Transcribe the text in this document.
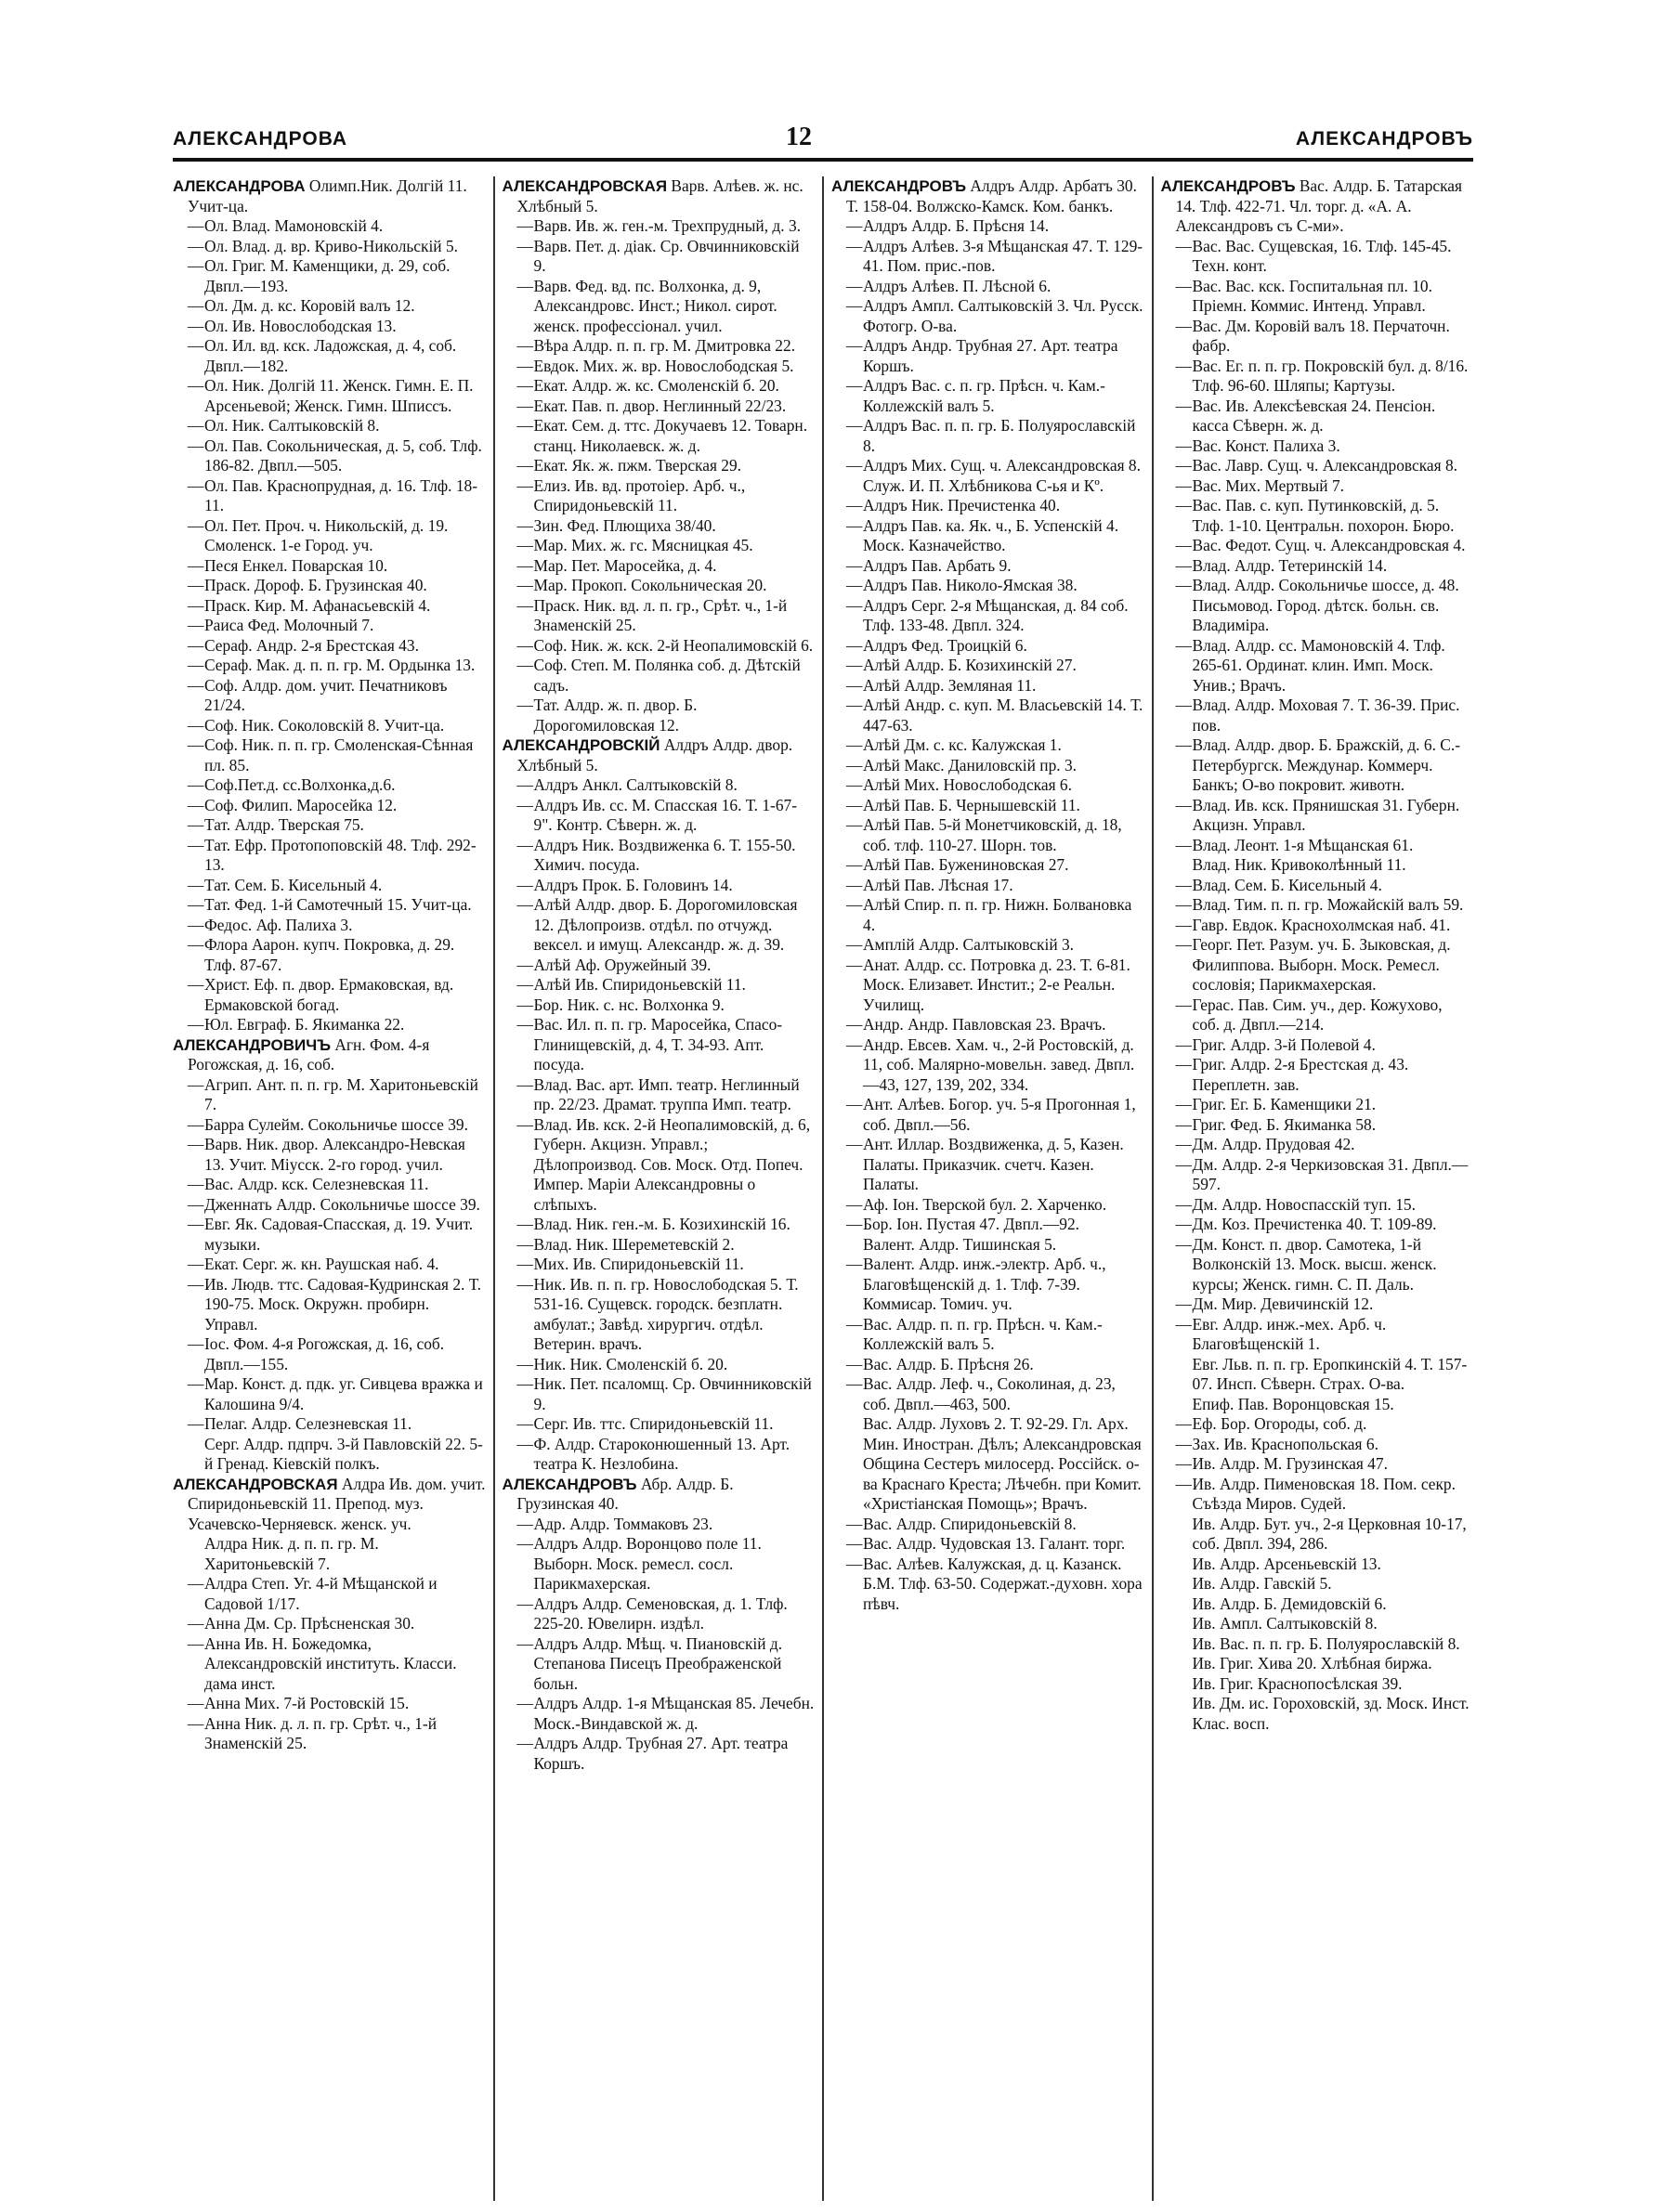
АЛЕКСАНДРОВА	12	АЛЕКСАНДРОВЪ

АЛЕКСАНДРОВА Олимп.Ник. Долгій 11. Учит-ца.

—Ол. Влад. Мамоновскій 4.

—Ол. Влад. д. вр. Криво-Никольскій 5.

—Ол. Григ. М. Каменщики, д. 29, соб. Двпл.—193.

—Ол. Дм. д. кс. Коровій валъ 12.

—Ол. Ив. Новослободская 13.

—Ол. Ил. вд. кск. Ладожская, д. 4, соб. Двпл.—182.

—Ол. Ник. Долгій 11. Женск. Гимн. Е. П. Арсеньевой; Женск. Гимн. Шписсъ.

—Ол. Ник. Салтыковскій 8.

—Ол. Пав. Сокольническая, д. 5, соб. Тлф. 186-82. Двпл.—505.

—Ол. Пав. Краснопрудная, д. 16. Тлф. 18-11.

—Ол. Пет. Проч. ч. Никольскій, д. 19. Смоленск. 1-е Город. уч.

—Песя Енкел. Поварская 10.

—Праск. Дороф. Б. Грузинская 40.

—Праск. Кир. М. Афанасьевскій 4.

—Раиса Фед. Молочный 7.

—Сераф. Андр. 2-я Брестская 43.

—Сераф. Мак. д. п. п. гр. М. Ордынка 13.

—Соф. Алдр. дом. учит. Печатниковъ 21/24.

—Соф. Ник. Соколовскій 8. Учит-ца.

—Соф. Ник. п. п. гр. Смоленская-Сѣнная пл. 85.

—Соф.Пет.д. сс.Волхонка,д.6.

—Соф. Филип. Маросейка 12.

—Тат. Алдр. Тверская 75.

—Тат. Ефр. Протопоповскій 48. Тлф. 292-13.

—Тат. Сем. Б. Кисельный 4.

—Тат. Фед. 1-й Самотечный 15. Учит-ца.

—Федос. Аф. Палиха 3.

—Флора Аарон. купч. Покровка, д. 29. Тлф. 87-67.

—Христ. Еф. п. двор. Ермаковская, вд. Ермаковской богад.

—Юл. Евграф. Б. Якиманка 22.

АЛЕКСАНДРОВИЧЪ Агн. Фом. 4-я Рогожская, д. 16, соб.

—Агрип. Ант. п. п. гр. М. Харитоньевскій 7.

—Барра Сулейм. Сокольничье шоссе 39.

—Варв. Ник. двор. Александро-Невская 13. Учит. Міусск. 2-го город. учил.

—Вас. Алдр. кск. Селезневская 11.

—Дженнать Алдр. Сокольничье шоссе 39.

—Евг. Як. Садовая-Спасская, д. 19. Учит. музыки.

—Екат. Серг. ж. кн. Раушская наб. 4.

—Ив. Людв. ттс. Садовая-Кудринская 2. Т. 190-75. Моск. Окружн. пробирн. Управл.

—Іос. Фом. 4-я Рогожская, д. 16, соб. Двпл.—155.

—Мар. Конст. д. пдк. уг. Сивцева вражка и Калошина 9/4.

—Пелаг. Алдр. Селезневская 11.

Серг. Алдр. пдпрч. 3-й Павловскій 22. 5-й Гренад. Кіевскій полкъ.

АЛЕКСАНДРОВСКАЯ Алдра Ив. дом. учит. Спиридоньевскій 11. Препод. муз. Усачевско-Черняевск. женск. уч.

Алдра Ник. д. п. п. гр. М. Харитоньевскій 7.

—Алдра Степ. Уг. 4-й Мѣщанской и Садовой 1/17.

—Анна Дм. Ср. Прѣсненская 30.

—Анна Ив. Н. Божедомка, Александровскій институть. Класси. дама инст.

—Анна Мих. 7-й Ростовскій 15.

—Анна Ник. д. л. п. гр. Срѣт. ч., 1-й Знаменскій 25.

АЛЕКСАНДРОВСКАЯ Варв. Алѣев. ж. нс. Хлѣбный 5.

—Варв. Ив. ж. ген.-м. Трехпрудный, д. 3.

—Варв. Пет. д. діак. Ср. Овчинниковскій 9.

—Варв. Фед. вд. пс. Волхонка, д. 9, Александровс. Инст.; Никол. сирот. женск. профессіонал. учил.

—Вѣра Алдр. п. п. гр. М. Дмитровка 22.

—Евдок. Мих. ж. вр. Новослободская 5.

—Екат. Алдр. ж. кс. Смоленскій б. 20.

—Екат. Пав. п. двор. Неглинный 22/23.

—Екат. Сем. д. ттс. Докучаевъ 12. Товарн. станц. Николаевск. ж. д.

—Екат. Як. ж. пжм. Тверская 29.

—Елиз. Ив. вд. протоіер. Арб. ч., Спиридоньевскій 11.

—Зин. Фед. Плющиха 38/40.

—Мар. Мих. ж. гс. Мясницкая 45.

—Мар. Пет. Маросейка, д. 4.

—Мар. Прокоп. Сокольническая 20.

—Праск. Ник. вд. л. п. гр., Срѣт. ч., 1-й Знаменскій 25.

—Соф. Ник. ж. кск. 2-й Неопалимовскій 6.

—Соф. Степ. М. Полянка соб. д. Дѣтскій садъ.

—Тат. Алдр. ж. п. двор. Б. Дорогомиловская 12.

АЛЕКСАНДРОВСКІЙ Алдръ Алдр. двор. Хлѣбный 5.

—Алдръ Анкл. Салтыковскій 8.

—Алдръ Ив. сс. М. Спасская 16. Т. 1-67-9". Контр. Сѣверн. ж. д.

—Алдръ Ник. Воздвиженка 6. Т. 155-50. Химич. посуда.

—Алдръ Прок. Б. Головинъ 14.

—Алѣй Алдр. двор. Б. Дорогомиловская 12. Дѣлопроизв. отдѣл. по отчужд. вексел. и имущ. Александр. ж. д. 39.

—Алѣй Аф. Оружейный 39.

—Алѣй Ив. Спиридоньевскій 11.

—Бор. Ник. с. нс. Волхонка 9.

—Вас. Ил. п. п. гр. Маросейка, Спасо-Глинищевскій, д. 4, Т. 34-93. Апт. посуда.

—Влад. Вас. арт. Имп. театр. Неглинный пр. 22/23. Драмат. труппа Имп. театр.

—Влад. Ив. кск. 2-й Неопалимовскій, д. 6, Губерн. Акцизн. Управл.; Дѣлопроизвод. Сов. Моск. Отд. Попеч. Импер. Маріи Александровны о слѣпыхъ.

—Влад. Ник. ген.-м. Б. Козихинскій 16.

—Влад. Ник. Шереметевскій 2.

—Мих. Ив. Спиридоньевскій 11.

—Ник. Ив. п. п. гр. Новослободская 5. Т. 531-16. Сущевск. городск. безплатн. амбулат.; Завѣд. хирургич. отдѣл. Ветерин. врачъ.

—Ник. Ник. Смоленскій б. 20.

—Ник. Пет. псаломщ. Ср. Овчинниковскій 9.

—Серг. Ив. ттс. Спиридоньевскій 11.

—Ф. Алдр. Староконюшенный 13. Арт. театра К. Незлобина.

АЛЕКСАНДРОВЪ Абр. Алдр. Б. Грузинская 40.

—Адр. Алдр. Томмаковъ 23.

—Алдръ Алдр. Воронцово поле 11. Выборн. Моск. ремесл. сосл. Парикмахерская.

—Алдръ Алдр. Семеновская, д. 1. Тлф. 225-20. Ювелирн. издѣл.

—Алдръ Алдр. Мѣщ. ч. Пиановскій д. Степанова Писецъ Преображенской больн.

—Алдръ Алдр. 1-я Мѣщанская 85. Лечебн. Моск.-Виндавской ж. д.

—Алдръ Алдр. Трубная 27. Арт. театра Коршъ.

АЛЕКСАНДРОВЪ Алдръ Алдр. Арбатъ 30. Т. 158-04. Волжско-Камск. Ком. банкъ.

—Алдръ Алдр. Б. Прѣсня 14.

—Алдръ Алѣев. 3-я Мѣщанская 47. Т. 129-41. Пом. прис.-пов.

—Алдръ Алѣев. П. Лѣсной 6.

—Алдръ Ампл. Салтыковскій 3. Чл. Русск. Фотогр. О-ва.

—Алдръ Андр. Трубная 27. Арт. театра Коршъ.

—Алдръ Вас. с. п. гр. Прѣсн. ч. Кам.-Коллежскій валъ 5.

—Алдръ Вас. п. п. гр. Б. Полуярославскій 8.

—Алдръ Мих. Сущ. ч. Александровская 8. Служ. И. П. Хлѣбникова С-ья и Кº.

—Алдръ Ник. Пречистенка 40.

—Алдръ Пав. ка. Як. ч., Б. Успенскій 4. Моск. Казначейство.

—Алдръ Пав. Арбать 9.

—Алдръ Пав. Николо-Ямская 38.

—Алдръ Серг. 2-я Мѣщанская, д. 84 соб. Тлф. 133-48. Двпл. 324.

—Алдръ Фед. Троицкій 6.

—Алѣй Алдр. Б. Козихинскій 27.

—Алѣй Алдр. Земляная 11.

—Алѣй Андр. с. куп. М. Власьевскій 14. Т. 447-63.

—Алѣй Дм. с. кс. Калужская 1.

—Алѣй Макс. Даниловскій пр. 3.

—Алѣй Мих. Новослободская 6.

—Алѣй Пав. Б. Чернышевскій 11.

—Алѣй Пав. 5-й Монетчиковскій, д. 18, соб. тлф. 110-27. Шорн. тов.

—Алѣй Пав. Бужениновская 27.

—Алѣй Пав. Лѣсная 17.

—Алѣй Спир. п. п. гр. Нижн. Болвановка 4.

—Амплій Алдр. Салтыковскій 3.

—Анат. Алдр. сс. Потровка д. 23. Т. 6-81. Моск. Елизавет. Инстит.; 2-е Реальн. Училищ.

—Андр. Андр. Павловская 23. Врачъ.

—Андр. Евсев. Хам. ч., 2-й Ростовскій, д. 11, соб. Малярно-мовельн. завед. Двпл.—43, 127, 139, 202, 334.

—Ант. Алѣев. Богор. уч. 5-я Прогонная 1, соб. Двпл.—56.

—Ант. Иллар. Воздвиженка, д. 5, Казен. Палаты. Приказчик. счетч. Казен. Палаты.

—Аф. Іон. Тверской бул. 2. Харченко.

—Бор. Іон. Пустая 47. Двпл.—92.

Валент. Алдр. Тишинская 5.

—Валент. Алдр. инж.-электр. Арб. ч., Благовѣщенскій д. 1. Тлф. 7-39. Коммисар. Томич. уч.

—Вас. Алдр. п. п. гр. Прѣсн. ч. Кам.-Коллежскій валъ 5.

—Вас. Алдр. Б. Прѣсня 26.

—Вас. Алдр. Леф. ч., Соколиная, д. 23, соб. Двпл.—463, 500.

Вас. Алдр. Луховъ 2. Т. 92-29. Гл. Арх. Мин. Иностран. Дѣлъ; Александровская Община Сестеръ милосерд. Россійск. о-ва Краснаго Креста; Лѣчебн. при Комит. «Христіанская Помощь»; Врачъ.

—Вас. Алдр. Спиридоньевскій 8.

—Вас. Алдр. Чудовская 13. Галант. торг.

—Вас. Алѣев. Калужская, д. ц. Казанск. Б.М. Тлф. 63-50. Содержат.-духовн. хора пѣвч.

АЛЕКСАНДРОВЪ Вас. Алдр. Б. Татарская 14. Тлф. 422-71. Чл. торг. д. «А. А. Александровъ съ С-ми».

—Вас. Вас. Сущевская, 16. Тлф. 145-45. Техн. конт.

—Вас. Вас. кск. Госпитальная пл. 10. Пріемн. Коммис. Интенд. Управл.

—Вас. Дм. Коровій валъ 18. Перчаточн. фабр.

—Вас. Ег. п. п. гр. Покровскій бул. д. 8/16. Тлф. 96-60. Шляпы; Картузы.

—Вас. Ив. Алексѣевская 24. Пенсіон. касса Сѣверн. ж. д.

—Вас. Конст. Палиха 3.

—Вас. Лавр. Сущ. ч. Александровская 8.

—Вас. Мих. Мертвый 7.

—Вас. Пав. с. куп. Путинковскій, д. 5. Тлф. 1-10. Центральн. похорон. Бюро.

—Вас. Федот. Сущ. ч. Александровская 4.

—Влад. Алдр. Тетеринскій 14.

—Влад. Алдр. Сокольничье шоссе, д. 48. Письмовод. Город. дѣтск. больн. св. Владиміра.

—Влад. Алдр. сс. Мамоновскій 4. Тлф. 265-61. Ординат. клин. Имп. Моск. Унив.; Врачъ.

—Влад. Алдр. Моховая 7. Т. 36-39. Прис. пов.

—Влад. Алдр. двор. Б. Бражскій, д. 6. С.-Петербургск. Междунар. Коммерч. Банкъ; О-во покровит. животн.

—Влад. Ив. кск. Прянишская 31. Губерн. Акцизн. Управл.

—Влад. Леонт. 1-я Мѣщанская 61.

Влад. Ник. Кривоколѣнный 11.

—Влад. Сем. Б. Кисельный 4.

—Влад. Тим. п. п. гр. Можайскій валъ 59.

—Гавр. Евдок. Краснохолмская наб. 41.

—Георг. Пет. Разум. уч. Б. Зыковская, д. Филиппова. Выборн. Моск. Ремесл. сословія; Парикмахерская.

—Герас. Пав. Сим. уч., дер. Кожухово, соб. д. Двпл.—214.

—Григ. Алдр. 3-й Полевой 4.

—Григ. Алдр. 2-я Брестская д. 43. Переплетн. зав.

—Григ. Ег. Б. Каменщики 21.

—Григ. Фед. Б. Якиманка 58.

—Дм. Алдр. Прудовая 42.

—Дм. Алдр. 2-я Черкизовская 31. Двпл.—597.

—Дм. Алдр. Новоспасскій туп. 15.

—Дм. Коз. Пречистенка 40. Т. 109-89.

—Дм. Конст. п. двор. Самотека, 1-й Волконскій 13. Моск. высш. женск. курсы; Женск. гимн. С. П. Даль.

—Дм. Мир. Девичинскій 12.

—Евг. Алдр. инж.-мех. Арб. ч. Благовѣщенскій 1.

Евг. Льв. п. п. гр. Еропкинскій 4. Т. 157-07. Инсп. Сѣверн. Страх. О-ва.

Епиф. Пав. Воронцовская 15.

—Еф. Бор. Огороды, соб. д.

—Зах. Ив. Краснопольская 6.

—Ив. Алдр. М. Грузинская 47.

—Ив. Алдр. Пименовская 18. Пом. секр. Съѣзда Миров. Судей.

Ив. Алдр. Бут. уч., 2-я Церковная 10-17, соб. Двпл. 394, 286.

Ив. Алдр. Арсеньевскій 13.

Ив. Алдр. Гавскій 5.

Ив. Алдр. Б. Демидовскій 6.

Ив. Ампл. Салтыковскій 8.

Ив. Вас. п. п. гр. Б. Полуярославскій 8.

Ив. Григ. Хива 20. Хлѣбная биржа.

Ив. Григ. Краснопосѣлская 39.

Ив. Дм. ис. Гороховскій, зд. Моск. Инст. Клас. восп.
